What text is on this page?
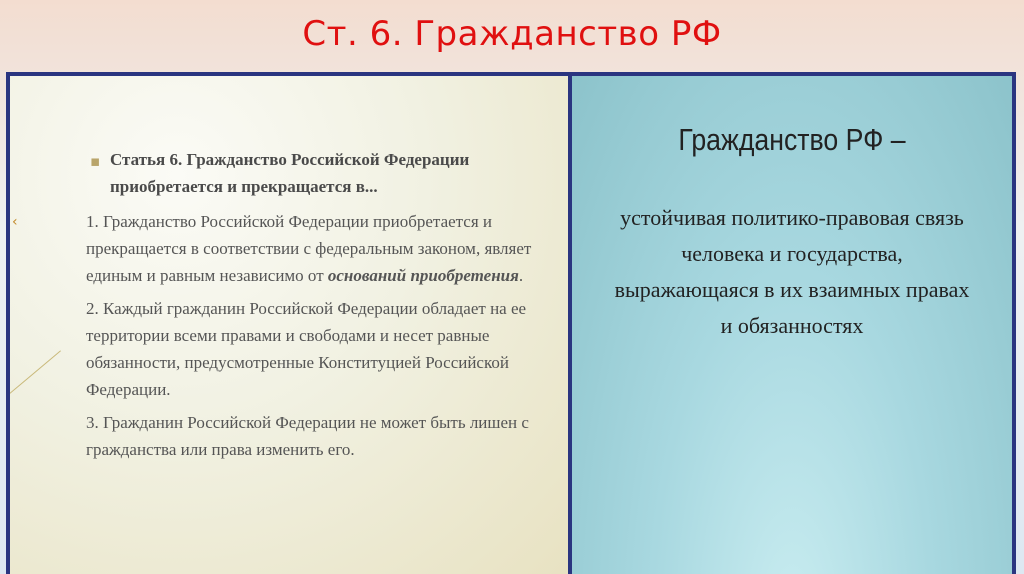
Ст. 6. Гражданство РФ
‹
▪ Статья 6. Гражданство Российской Федерации приобретается и прекращается в...
1. Гражданство Российской Федерации приобретается и
прекращается в соответствии с федеральным законом, являет
единым и равным независимо от оснований приобретения.
2. Каждый гражданин Российской Федерации обладает на ее
территории всеми правами и свободами и несет равные
обязанности, предусмотренные Конституцией Российской
Федерации.
3. Гражданин Российской Федерации не может быть лишен с
гражданства или права изменить его.
Гражданство РФ –
устойчивая политико-правовая связь
человека и государства,
выражающаяся в их взаимных правах
и обязанностях
